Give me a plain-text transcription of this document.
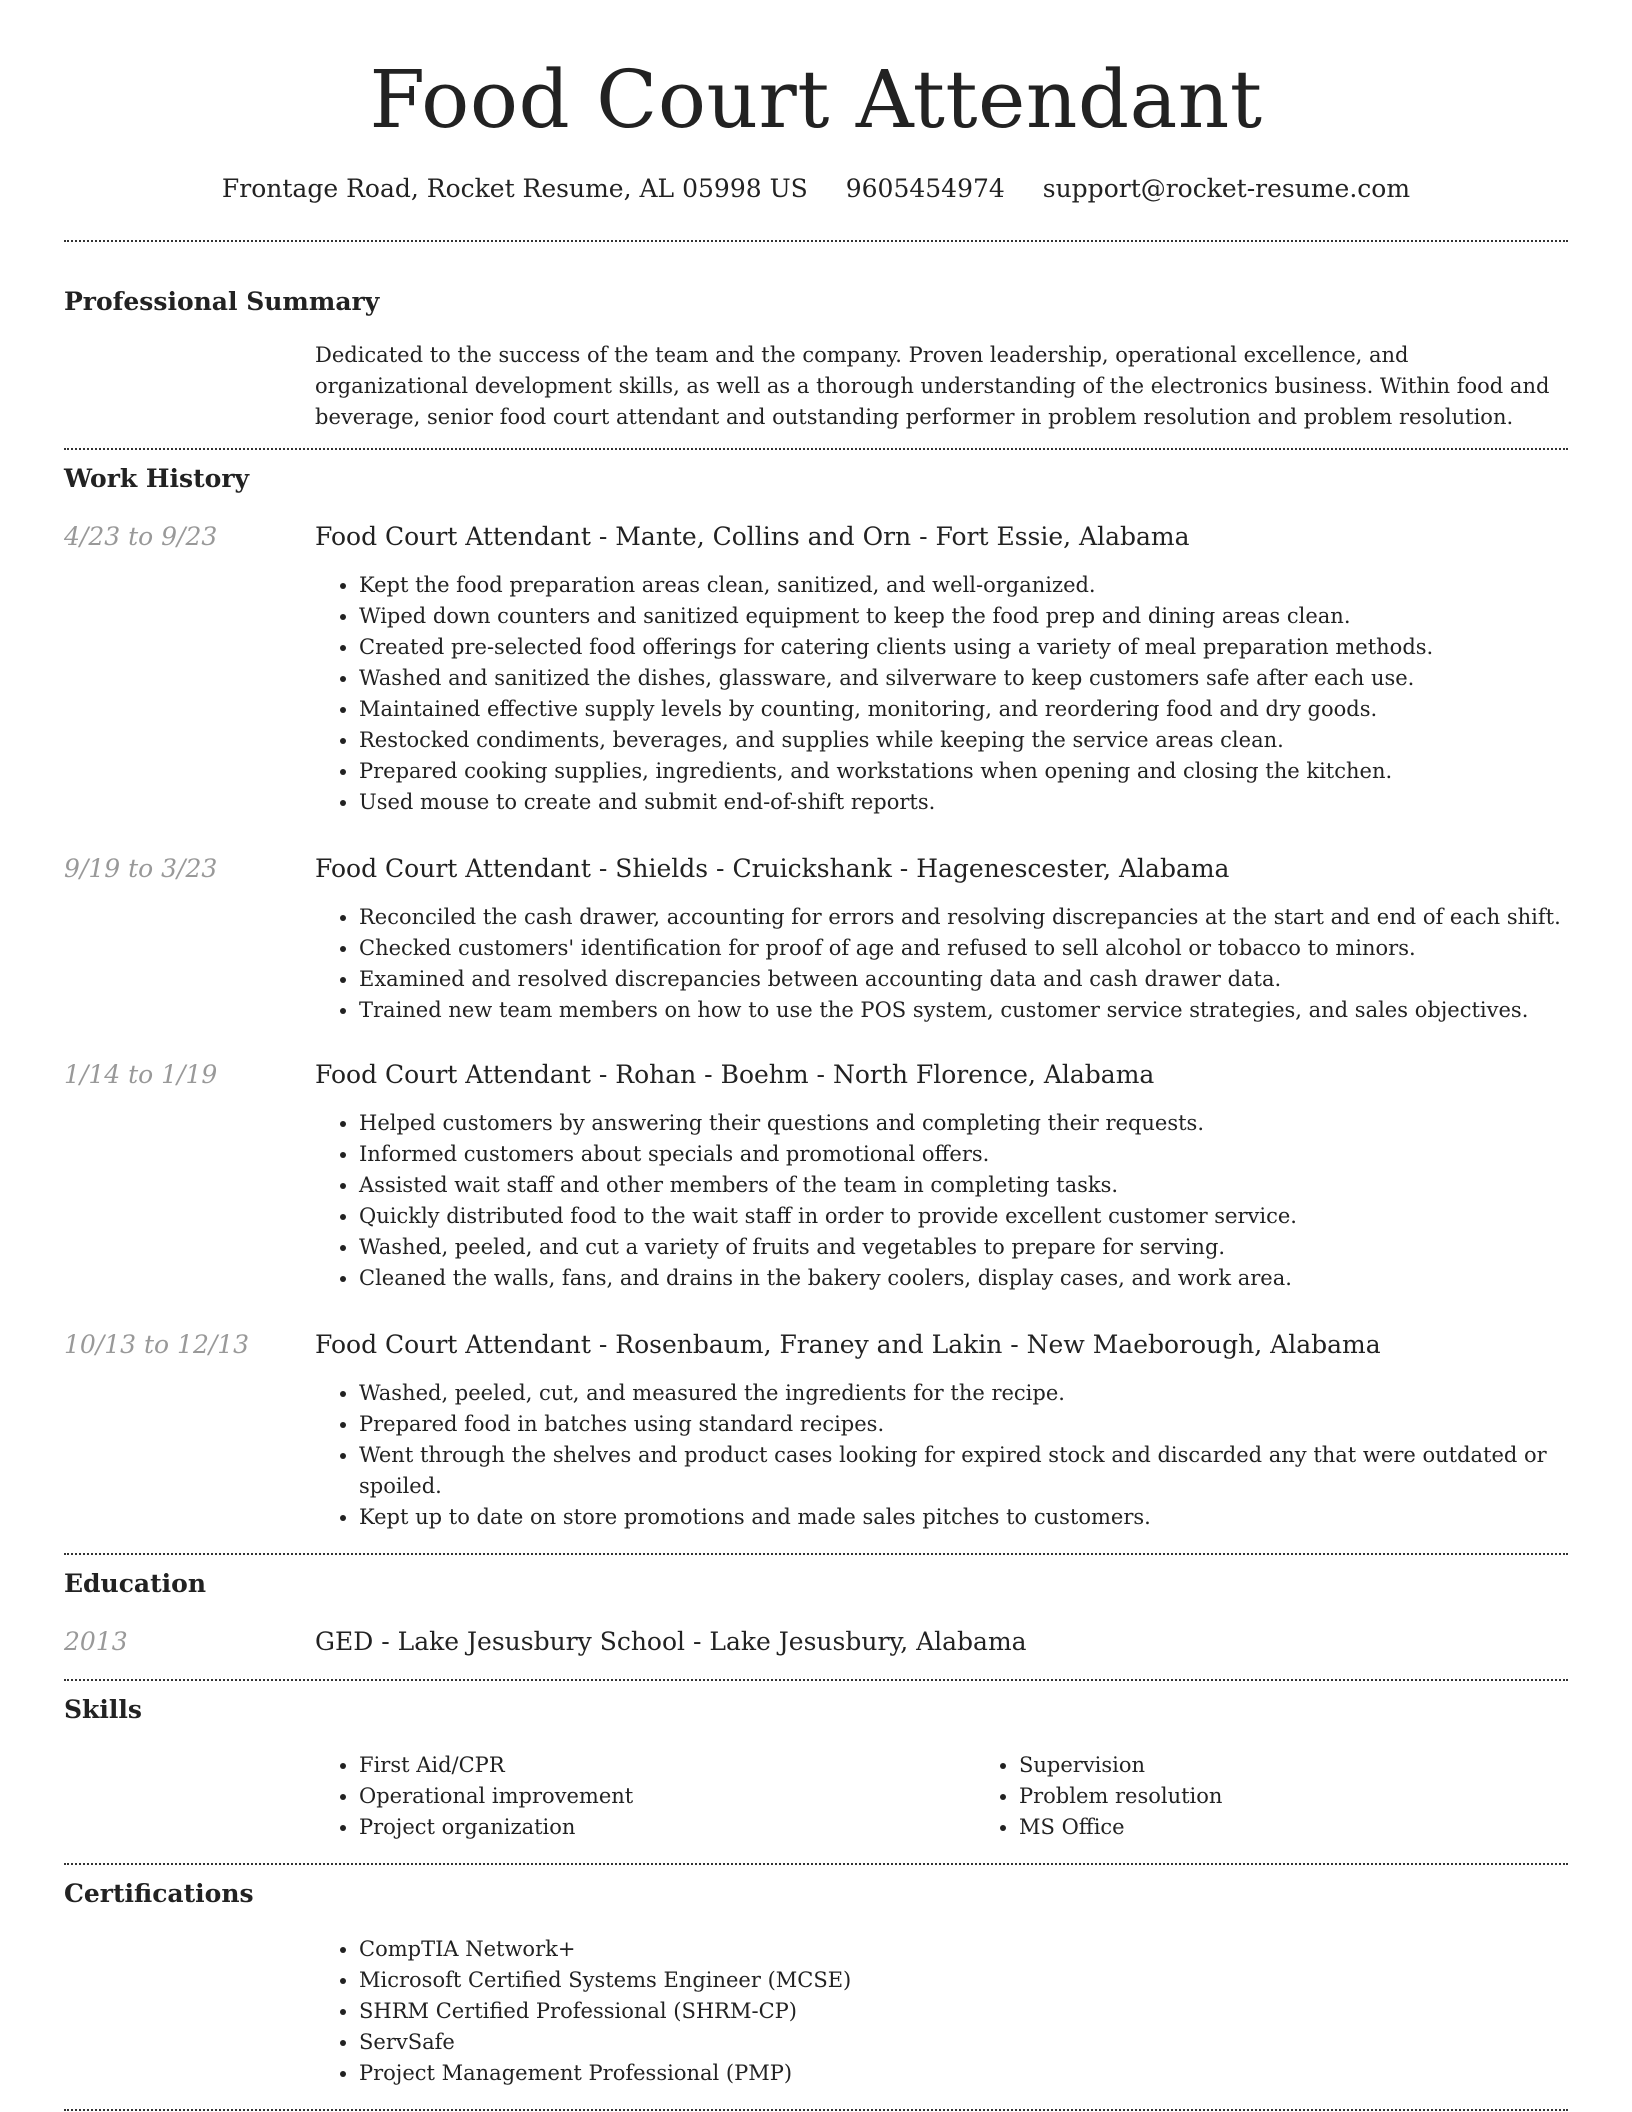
Food Court Attendant
Frontage Road, Rocket Resume, AL 05998 US 9605454974 support@rocket-resume.com
Professional Summary

Dedicated to the success of the team and the company. Proven leadership, operational excellence, and organizational development skills, as well as a thorough understanding of the electronics business. Within food and beverage, senior food court attendant and outstanding performer in problem resolution and problem resolution.

Work History
4/23 to 9/23	Food Court Attendant - Mante, Collins and Orn - Fort Essie, Alabama

• Kept the food preparation areas clean, sanitized, and well-organized.
• Wiped down counters and sanitized equipment to keep the food prep and dining areas clean.
• Created pre-selected food offerings for catering clients using a variety of meal preparation methods.
• Washed and sanitized the dishes, glassware, and silverware to keep customers safe after each use.
• Maintained effective supply levels by counting, monitoring, and reordering food and dry goods.
• Restocked condiments, beverages, and supplies while keeping the service areas clean.
• Prepared cooking supplies, ingredients, and workstations when opening and closing the kitchen.
• Used mouse to create and submit end-of-shift reports.
9/19 to 3/23	Food Court Attendant - Shields - Cruickshank - Hagenescester, Alabama

• Reconciled the cash drawer, accounting for errors and resolving discrepancies at the start and end of each shift.
• Checked customers' identification for proof of age and refused to sell alcohol or tobacco to minors.
• Examined and resolved discrepancies between accounting data and cash drawer data.
• Trained new team members on how to use the POS system, customer service strategies, and sales objectives.
1/14 to 1/19	Food Court Attendant - Rohan - Boehm - North Florence, Alabama

• Helped customers by answering their questions and completing their requests.
• Informed customers about specials and promotional offers.
• Assisted wait staff and other members of the team in completing tasks.
• Quickly distributed food to the wait staff in order to provide excellent customer service.
• Washed, peeled, and cut a variety of fruits and vegetables to prepare for serving.
• Cleaned the walls, fans, and drains in the bakery coolers, display cases, and work area.
10/13 to 12/13	Food Court Attendant - Rosenbaum, Franey and Lakin - New Maeborough, Alabama

• Washed, peeled, cut, and measured the ingredients for the recipe.
• Prepared food in batches using standard recipes.
• Went through the shelves and product cases looking for expired stock and discarded any that were outdated or spoiled.
• Kept up to date on store promotions and made sales pitches to customers.
Education
2013	GED - Lake Jesusbury School - Lake Jesusbury, Alabama

Skills
• First Aid/CPR
• Operational improvement
• Project organization
• Supervision
• Problem resolution
• MS Office
Certifications
• CompTIA Network+
• Microsoft Certified Systems Engineer (MCSE)
• SHRM Certified Professional (SHRM-CP)
• ServSafe
• Project Management Professional (PMP)
